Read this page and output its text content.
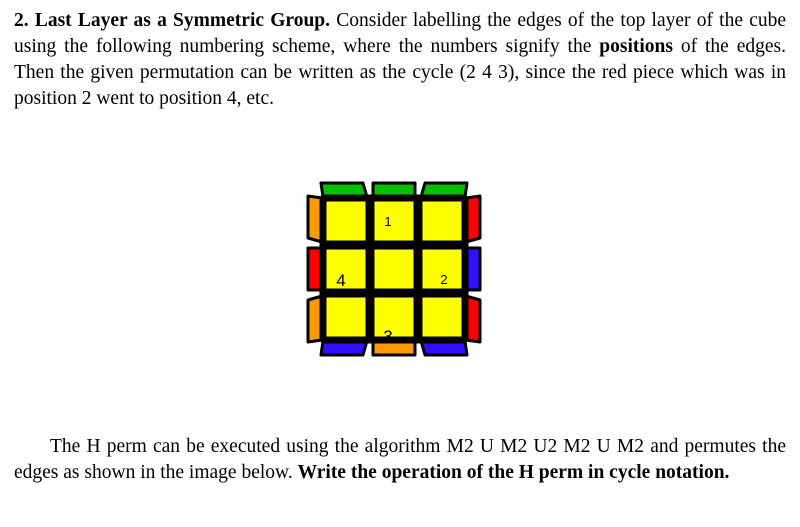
2. Last Layer as a Symmetric Group. Consider labelling the edges of the top layer of the cube using the following numbering scheme, where the numbers signify the positions of the edges. Then the given permutation can be written as the cycle (2 4 3), since the red piece which was in position 2 went to position 4, etc.
1
2
3
4
The H perm can be executed using the algorithm M2 U M2 U2 M2 U M2 and permutes the edges as shown in the image below. Write the operation of the H perm in cycle notation.
